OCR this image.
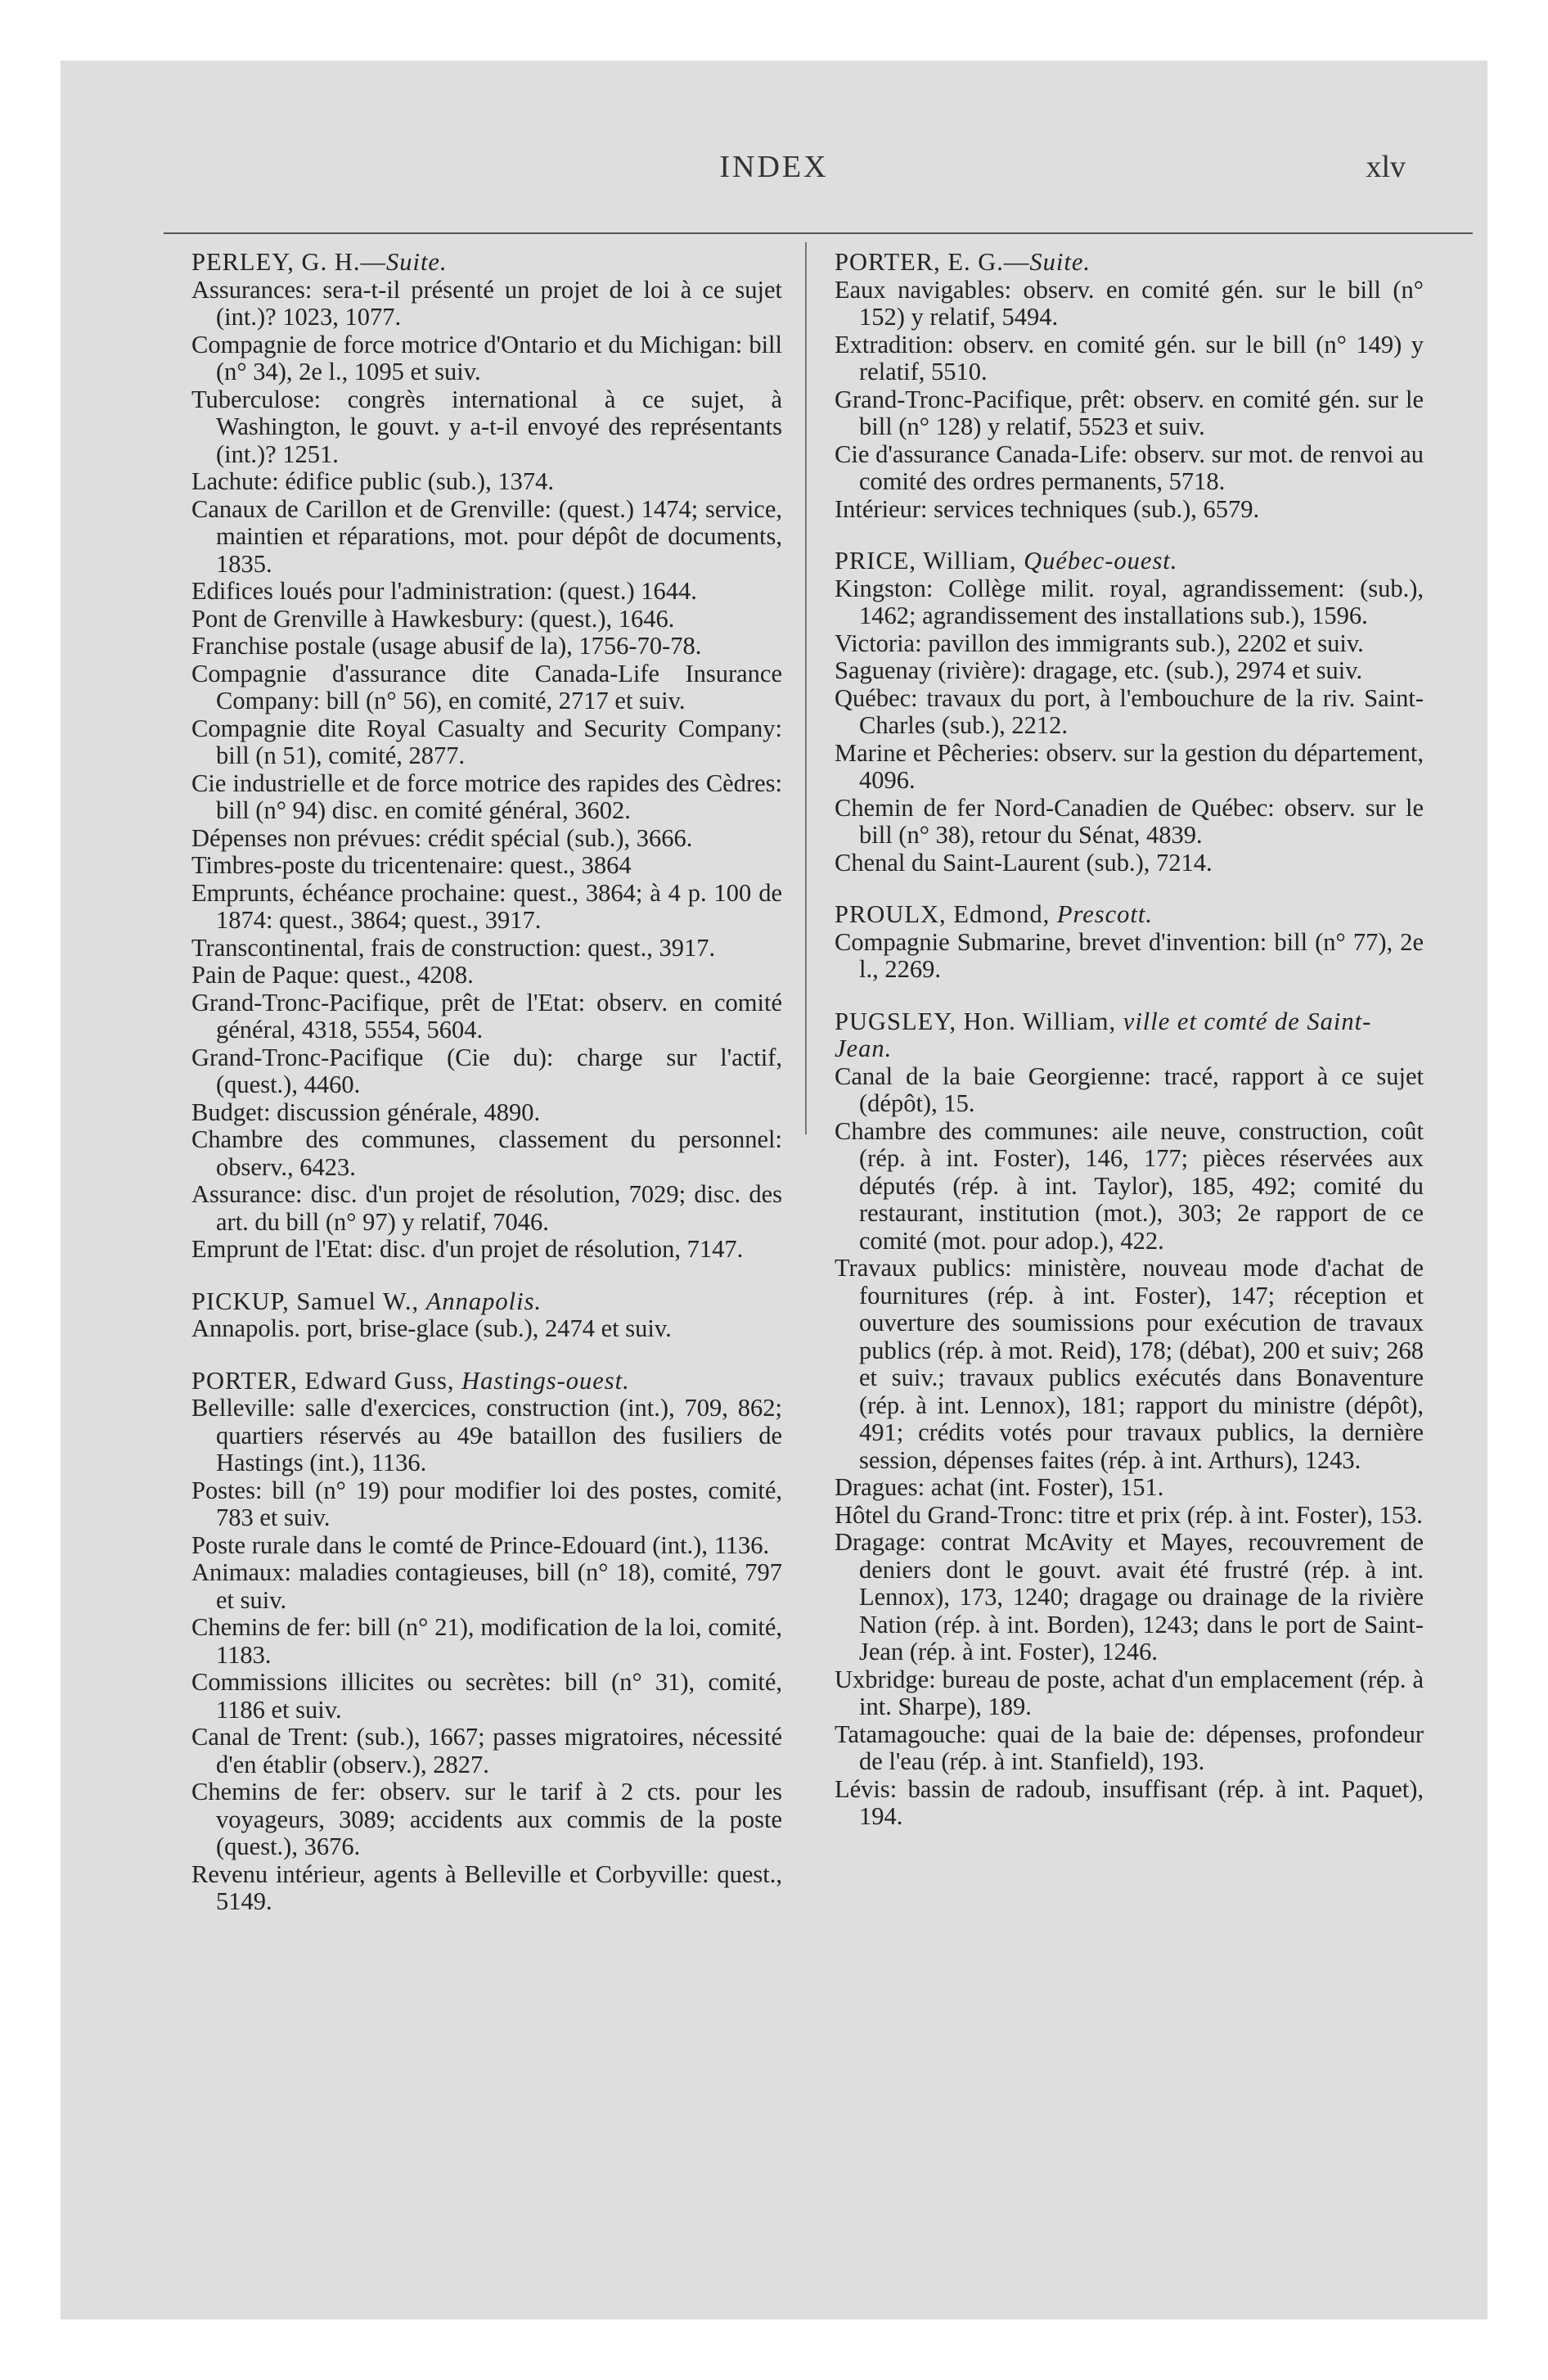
INDEX	xlv
PERLEY, G. H.—Suite.

Assurances: sera-t-il présenté un projet de loi à ce sujet (int.)? 1023, 1077.

Compagnie de force motrice d'Ontario et du Michigan: bill (n° 34), 2e l., 1095 et suiv.

Tuberculose: congrès international à ce sujet, à Washington, le gouvt. y a-t-il envoyé des représentants (int.)? 1251.

Lachute: édifice public (sub.), 1374.

Canaux de Carillon et de Grenville: (quest.) 1474; service, maintien et réparations, mot. pour dépôt de documents, 1835.

Edifices loués pour l'administration: (quest.) 1644.

Pont de Grenville à Hawkesbury: (quest.), 1646.

Franchise postale (usage abusif de la), 1756-70-78.

Compagnie d'assurance dite Canada-Life Insurance Company: bill (n° 56), en comité, 2717 et suiv.

Compagnie dite Royal Casualty and Security Company: bill (n 51), comité, 2877.

Cie industrielle et de force motrice des rapides des Cèdres: bill (n° 94) disc. en comité général, 3602.

Dépenses non prévues: crédit spécial (sub.), 3666.

Timbres-poste du tricentenaire: quest., 3864

Emprunts, échéance prochaine: quest., 3864; à 4 p. 100 de 1874: quest., 3864; quest., 3917.

Transcontinental, frais de construction: quest., 3917.

Pain de Paque: quest., 4208.

Grand-Tronc-Pacifique, prêt de l'Etat: observ. en comité général, 4318, 5554, 5604.

Grand-Tronc-Pacifique (Cie du): charge sur l'actif, (quest.), 4460.

Budget: discussion générale, 4890.

Chambre des communes, classement du personnel: observ., 6423.

Assurance: disc. d'un projet de résolution, 7029; disc. des art. du bill (n° 97) y relatif, 7046.

Emprunt de l'Etat: disc. d'un projet de résolution, 7147.

PICKUP, Samuel W., Annapolis.

Annapolis. port, brise-glace (sub.), 2474 et suiv.

PORTER, Edward Guss, Hastings-ouest.

Belleville: salle d'exercices, construction (int.), 709, 862; quartiers réservés au 49e bataillon des fusiliers de Hastings (int.), 1136.

Postes: bill (n° 19) pour modifier loi des postes, comité, 783 et suiv.

Poste rurale dans le comté de Prince-Edouard (int.), 1136.

Animaux: maladies contagieuses, bill (n° 18), comité, 797 et suiv.

Chemins de fer: bill (n° 21), modification de la loi, comité, 1183.

Commissions illicites ou secrètes: bill (n° 31), comité, 1186 et suiv.

Canal de Trent: (sub.), 1667; passes migratoires, nécessité d'en établir (observ.), 2827.

Chemins de fer: observ. sur le tarif à 2 cts. pour les voyageurs, 3089; accidents aux commis de la poste (quest.), 3676.

Revenu intérieur, agents à Belleville et Corbyville: quest., 5149.

PORTER, E. G.—Suite.

Eaux navigables: observ. en comité gén. sur le bill (n° 152) y relatif, 5494.

Extradition: observ. en comité gén. sur le bill (n° 149) y relatif, 5510.

Grand-Tronc-Pacifique, prêt: observ. en comité gén. sur le bill (n° 128) y relatif, 5523 et suiv.

Cie d'assurance Canada-Life: observ. sur mot. de renvoi au comité des ordres permanents, 5718.

Intérieur: services techniques (sub.), 6579.

PRICE, William, Québec-ouest.

Kingston: Collège milit. royal, agrandissement: (sub.), 1462; agrandissement des installations sub.), 1596.

Victoria: pavillon des immigrants sub.), 2202 et suiv.

Saguenay (rivière): dragage, etc. (sub.), 2974 et suiv.

Québec: travaux du port, à l'embouchure de la riv. Saint-Charles (sub.), 2212.

Marine et Pêcheries: observ. sur la gestion du département, 4096.

Chemin de fer Nord-Canadien de Québec: observ. sur le bill (n° 38), retour du Sénat, 4839.

Chenal du Saint-Laurent (sub.), 7214.

PROULX, Edmond, Prescott.

Compagnie Submarine, brevet d'invention: bill (n° 77), 2e l., 2269.

PUGSLEY, Hon. William, ville et comté de Saint-Jean.

Canal de la baie Georgienne: tracé, rapport à ce sujet (dépôt), 15.

Chambre des communes: aile neuve, construction, coût (rép. à int. Foster), 146, 177; pièces réservées aux députés (rép. à int. Taylor), 185, 492; comité du restaurant, institution (mot.), 303; 2e rapport de ce comité (mot. pour adop.), 422.

Travaux publics: ministère, nouveau mode d'achat de fournitures (rép. à int. Foster), 147; réception et ouverture des soumissions pour exécution de travaux publics (rép. à mot. Reid), 178; (débat), 200 et suiv; 268 et suiv.; travaux publics exécutés dans Bonaventure (rép. à int. Lennox), 181; rapport du ministre (dépôt), 491; crédits votés pour travaux publics, la dernière session, dépenses faites (rép. à int. Arthurs), 1243.

Dragues: achat (int. Foster), 151.

Hôtel du Grand-Tronc: titre et prix (rép. à int. Foster), 153.

Dragage: contrat McAvity et Mayes, recouvrement de deniers dont le gouvt. avait été frustré (rép. à int. Lennox), 173, 1240; dragage ou drainage de la rivière Nation (rép. à int. Borden), 1243; dans le port de Saint-Jean (rép. à int. Foster), 1246.

Uxbridge: bureau de poste, achat d'un emplacement (rép. à int. Sharpe), 189.

Tatamagouche: quai de la baie de: dépenses, profondeur de l'eau (rép. à int. Stanfield), 193.

Lévis: bassin de radoub, insuffisant (rép. à int. Paquet), 194.
